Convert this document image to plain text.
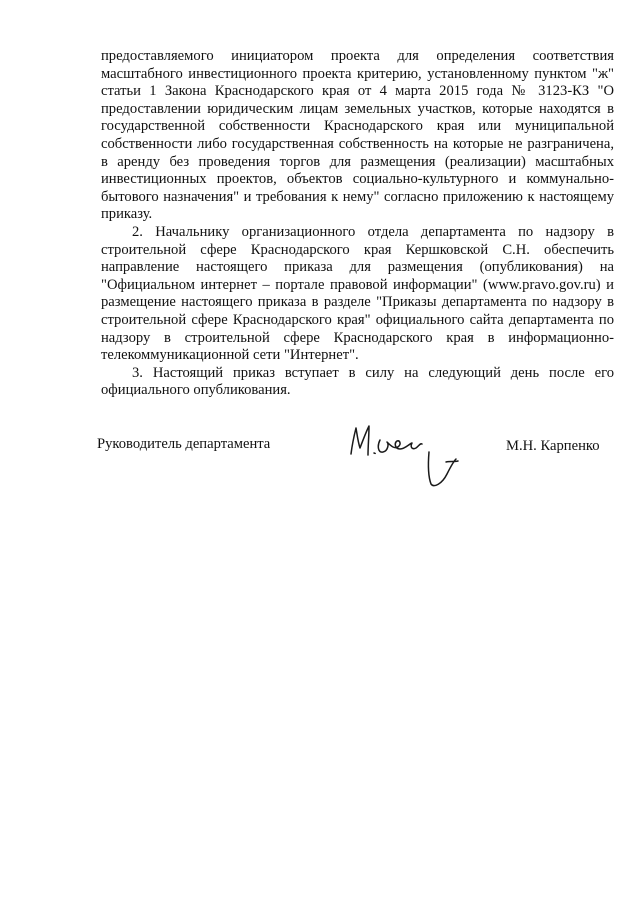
предоставляемого инициатором проекта для определения соответствия масштабного инвестиционного проекта критерию, установленному пунктом "ж" статьи 1 Закона Краснодарского края от 4 марта 2015 года № 3123-КЗ "О предоставлении юридическим лицам земельных участков, которые находятся в государственной собственности Краснодарского края или муниципальной собственности либо государственная собственность на которые не разграничена, в аренду без проведения торгов для размещения (реализации) масштабных инвестиционных проектов, объектов социально-культурного и коммунально-бытового назначения" и требования к нему" согласно приложению к настоящему приказу.

2. Начальнику организационного отдела департамента по надзору в строительной сфере Краснодарского края Кершковской С.Н. обеспечить направление настоящего приказа для размещения (опубликования) на "Официальном интернет – портале правовой информации" (www.pravo.gov.ru) и размещение настоящего приказа в разделе "Приказы департамента по надзору в строительной сфере Краснодарского края" официального сайта департамента по надзору в строительной сфере Краснодарского края в информационно-телекоммуникационной сети "Интернет".

3. Настоящий приказ вступает в силу на следующий день после его официального опубликования.

Руководитель департамента	М.Н. Карпенко
